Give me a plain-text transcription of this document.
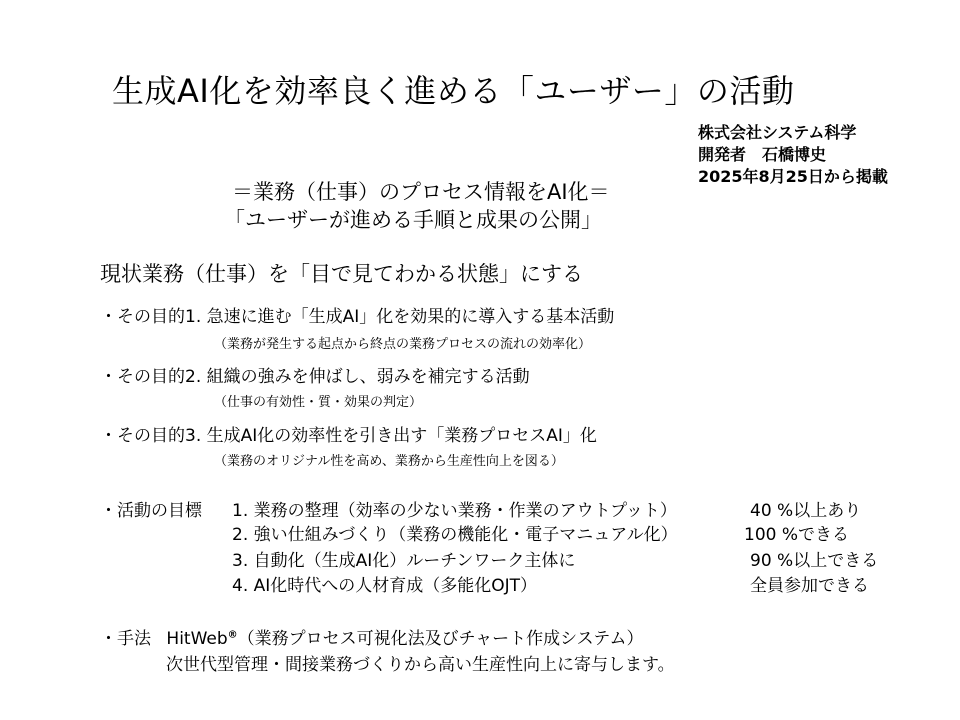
生成AI化を効率良く進める「ユーザー」の活動
株式会社システム科学
開発者　石橋博史
2025年8月25日から掲載
＝業務（仕事）のプロセス情報をAI化＝
「ユーザーが進める手順と成果の公開」
現状業務（仕事）を「目で見てわかる状態」にする
・その目的1. 急速に進む「生成AI」化を効果的に導入する基本活動
（業務が発生する起点から終点の業務プロセスの流れの効率化）
・その目的2. 組織の強みを伸ばし、弱みを補完する活動
（仕事の有効性・質・効果の判定）
・その目的3. 生成AI化の効率性を引き出す「業務プロセスAI」化
（業務のオリジナル性を高め、業務から生産性向上を図る）
・活動の目標 1. 業務の整理（効率の少ない業務・作業のアウトプット）	40 %以上あり
2. 強い仕組みづくり（業務の機能化・電子マニュアル化）	100 %できる
3. 自動化（生成AI化）ルーチンワーク主体に	90 %以上できる
4. AI化時代への人材育成（多能化OJT）	全員参加できる
・手法 HitWeb®（業務プロセス可視化法及びチャート作成システム）
次世代型管理・間接業務づくりから高い生産性向上に寄与します。
